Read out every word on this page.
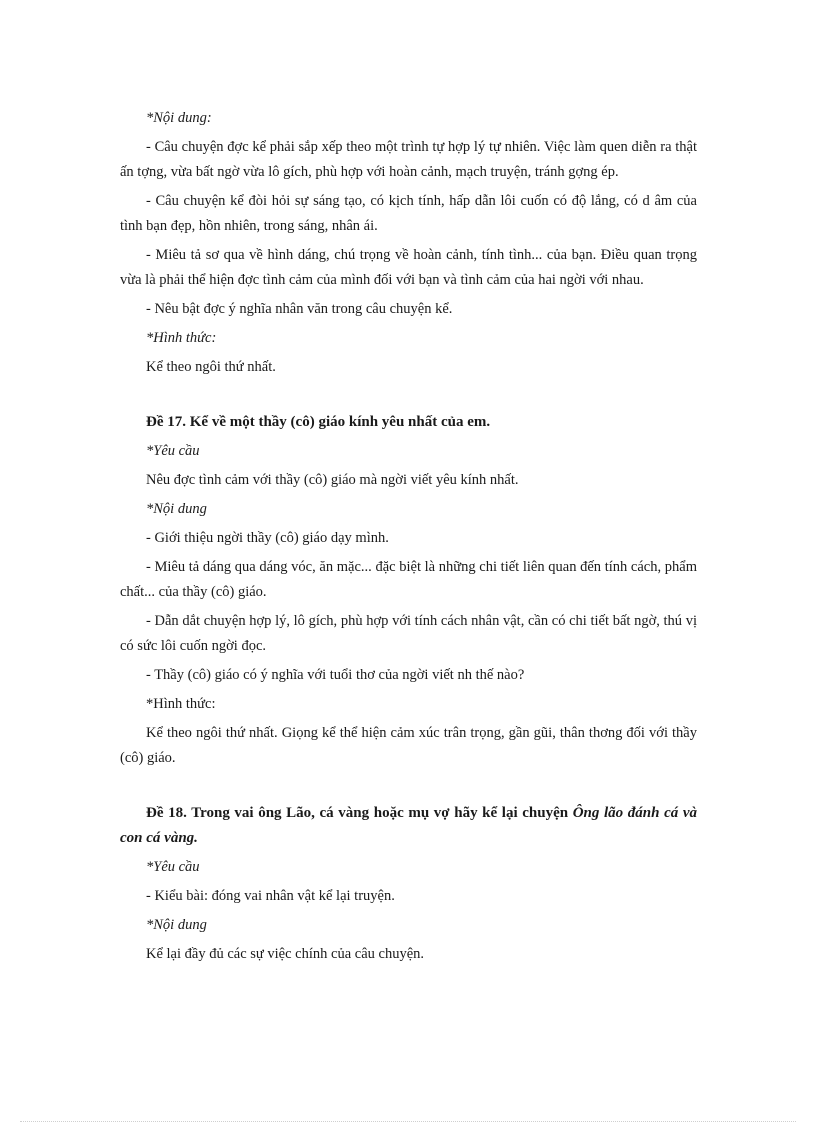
*Nội dung:

- Câu chuyện đợc kể phải sắp xếp theo một trình tự hợp lý tự nhiên. Việc làm quen diễn ra thật ấn tợng, vừa bất ngờ vừa lô gích, phù hợp với hoàn cảnh, mạch truyện, tránh gợng ép.

- Câu chuyện kể đòi hỏi sự sáng tạo, có kịch tính, hấp dẫn lôi cuốn có độ lắng, có d âm của tình bạn đẹp, hồn nhiên, trong sáng, nhân ái.

- Miêu tả sơ qua về hình dáng, chú trọng về hoàn cảnh, tính tình... của bạn. Điều quan trọng vừa là phải thể hiện đợc tình cảm của mình đối với bạn và tình cảm của hai ngời với nhau.

- Nêu bật đợc ý nghĩa nhân văn trong câu chuyện kể.

*Hình thức:

Kể theo ngôi thứ nhất.

Đề 17. Kể về một thầy (cô) giáo kính yêu nhất của em.

*Yêu cầu

Nêu đợc tình cảm với thầy (cô) giáo mà ngời viết yêu kính nhất.

*Nội dung

- Giới thiệu ngời thầy (cô) giáo dạy mình.

- Miêu tả dáng qua dáng vóc, ăn mặc... đặc biệt là những chi tiết liên quan đến tính cách, phẩm chất... của thầy (cô) giáo.

- Dẫn dắt chuyện hợp lý, lô gích, phù hợp với tính cách nhân vật, cần có chi tiết bất ngờ, thú vị có sức lôi cuốn ngời đọc.

- Thầy (cô) giáo có ý nghĩa với tuổi thơ của ngời viết nh thế nào?

*Hình thức:

Kể theo ngôi thứ nhất. Giọng kể thể hiện cảm xúc trân trọng, gần gũi, thân thơng đối với thầy (cô) giáo.

Đề 18. Trong vai ông Lão, cá vàng hoặc mụ vợ hãy kể lại chuyện Ông lão đánh cá và con cá vàng.

*Yêu cầu

- Kiểu bài: đóng vai nhân vật kể lại truyện.

*Nội dung

Kể lại đầy đủ các sự việc chính của câu chuyện.
